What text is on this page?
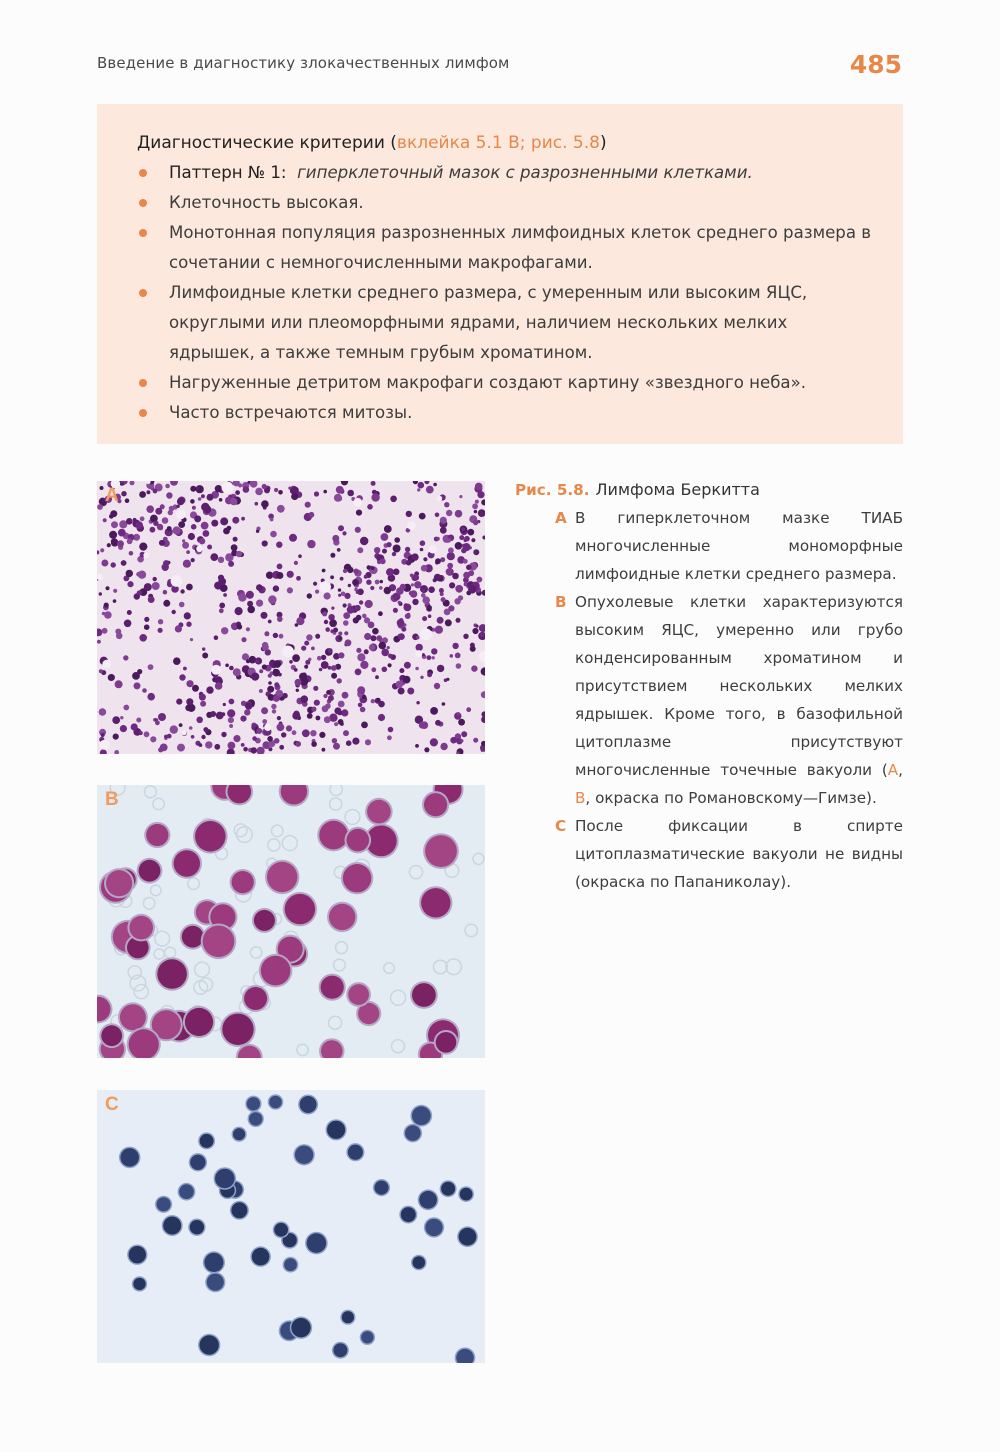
Введение в диагностику злокачественных лимфом	485

Диагностические критерии (вклейка 5.1 В; рис. 5.8)

Паттерн № 1: гиперклеточный мазок с разрозненными клетками.
Клеточность высокая.
Монотонная популяция разрозненных лимфоидных клеток среднего размера в сочетании с немногочисленными макрофагами.
Лимфоидные клетки среднего размера, с умеренным или высоким ЯЦС, округлыми или плеоморфными ядрами, наличием нескольких мелких ядрышек, а также темным грубым хроматином.
Нагруженные детритом макрофаги создают картину «звездного неба».
Часто встречаются митозы.
A
B
C

Рис. 5.8. Лимфома Беркитта

A В гиперклеточном мазке ТИАБ многочисленные мономорфные лимфоидные клетки среднего размера.
B Опухолевые клетки характеризуются высоким ЯЦС, умеренно или грубо конденсированным хроматином и присутствием нескольких мелких ядрышек. Кроме того, в базофильной цитоплазме присутствуют многочисленные точечные вакуоли (A, B, окраска по Романовскому—Гимзе).
C После фиксации в спирте цитоплазматические вакуоли не видны (окраска по Папаниколау).
